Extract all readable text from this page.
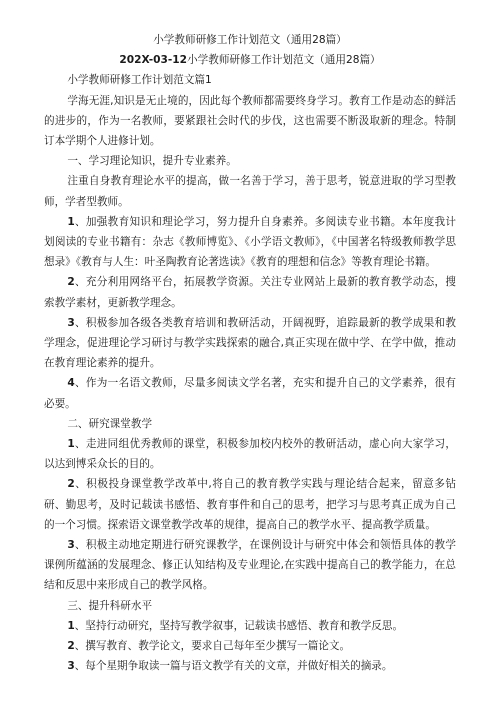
小学教师研修工作计划范文（通用28篇）
202X-03-12小学教师研修工作计划范文（通用28篇）

小学教师研修工作计划范文篇1

学海无涯,知识是无止境的，因此每个教师都需要终身学习。教育工作是动态的鲜活的进步的，作为一名教师，要紧跟社会时代的步伐，这也需要不断汲取新的理念。特制订本学期个人进修计划。

一、学习理论知识，提升专业素养。

注重自身教育理论水平的提高，做一名善于学习，善于思考，锐意进取的学习型教师，学者型教师。

1、加强教育知识和理论学习，努力提升自身素养。多阅读专业书籍。本年度我计划阅读的专业书籍有：杂志《教师博览》、《小学语文教师》，《中国著名特级教师教学思想录》《教育与人生：叶圣陶教育论著选读》《教育的理想和信念》等教育理论书籍。

2、充分利用网络平台，拓展教学资源。关注专业网站上最新的教育教学动态，搜索教学素材，更新教学理念。

3、积极参加各级各类教育培训和教研活动，开阔视野，追踪最新的教学成果和教学理念，促进理论学习研讨与教学实践探索的融合,真正实现在做中学、在学中做，推动在教育理论素养的提升。

4、作为一名语文教师，尽量多阅读文学名著，充实和提升自己的文学素养，很有必要。

二、研究课堂教学

1、走进同组优秀教师的课堂，积极参加校内校外的教研活动，虚心向大家学习，以达到博采众长的目的。

2、积极投身课堂教学改革中,将自己的教育教学实践与理论结合起来，留意多钻研、勤思考，及时记载读书感悟、教育事件和自己的思考，把学习与思考真正成为自己的一个习惯。探索语文课堂教学改革的规律，提高自己的教学水平、提高教学质量。

3、积极主动地定期进行研究课教学，在课例设计与研究中体会和领悟具体的教学课例所蕴涵的发展理念、修正认知结构及专业理论,在实践中提高自己的教学能力，在总结和反思中来形成自己的教学风格。

三、提升科研水平

1、坚持行动研究，坚持写教学叙事，记载读书感悟、教育和教学反思。

2、撰写教育、教学论文，要求自己每年至少撰写一篇论文。

3、每个星期争取读一篇与语文教学有关的文章，并做好相关的摘录。
